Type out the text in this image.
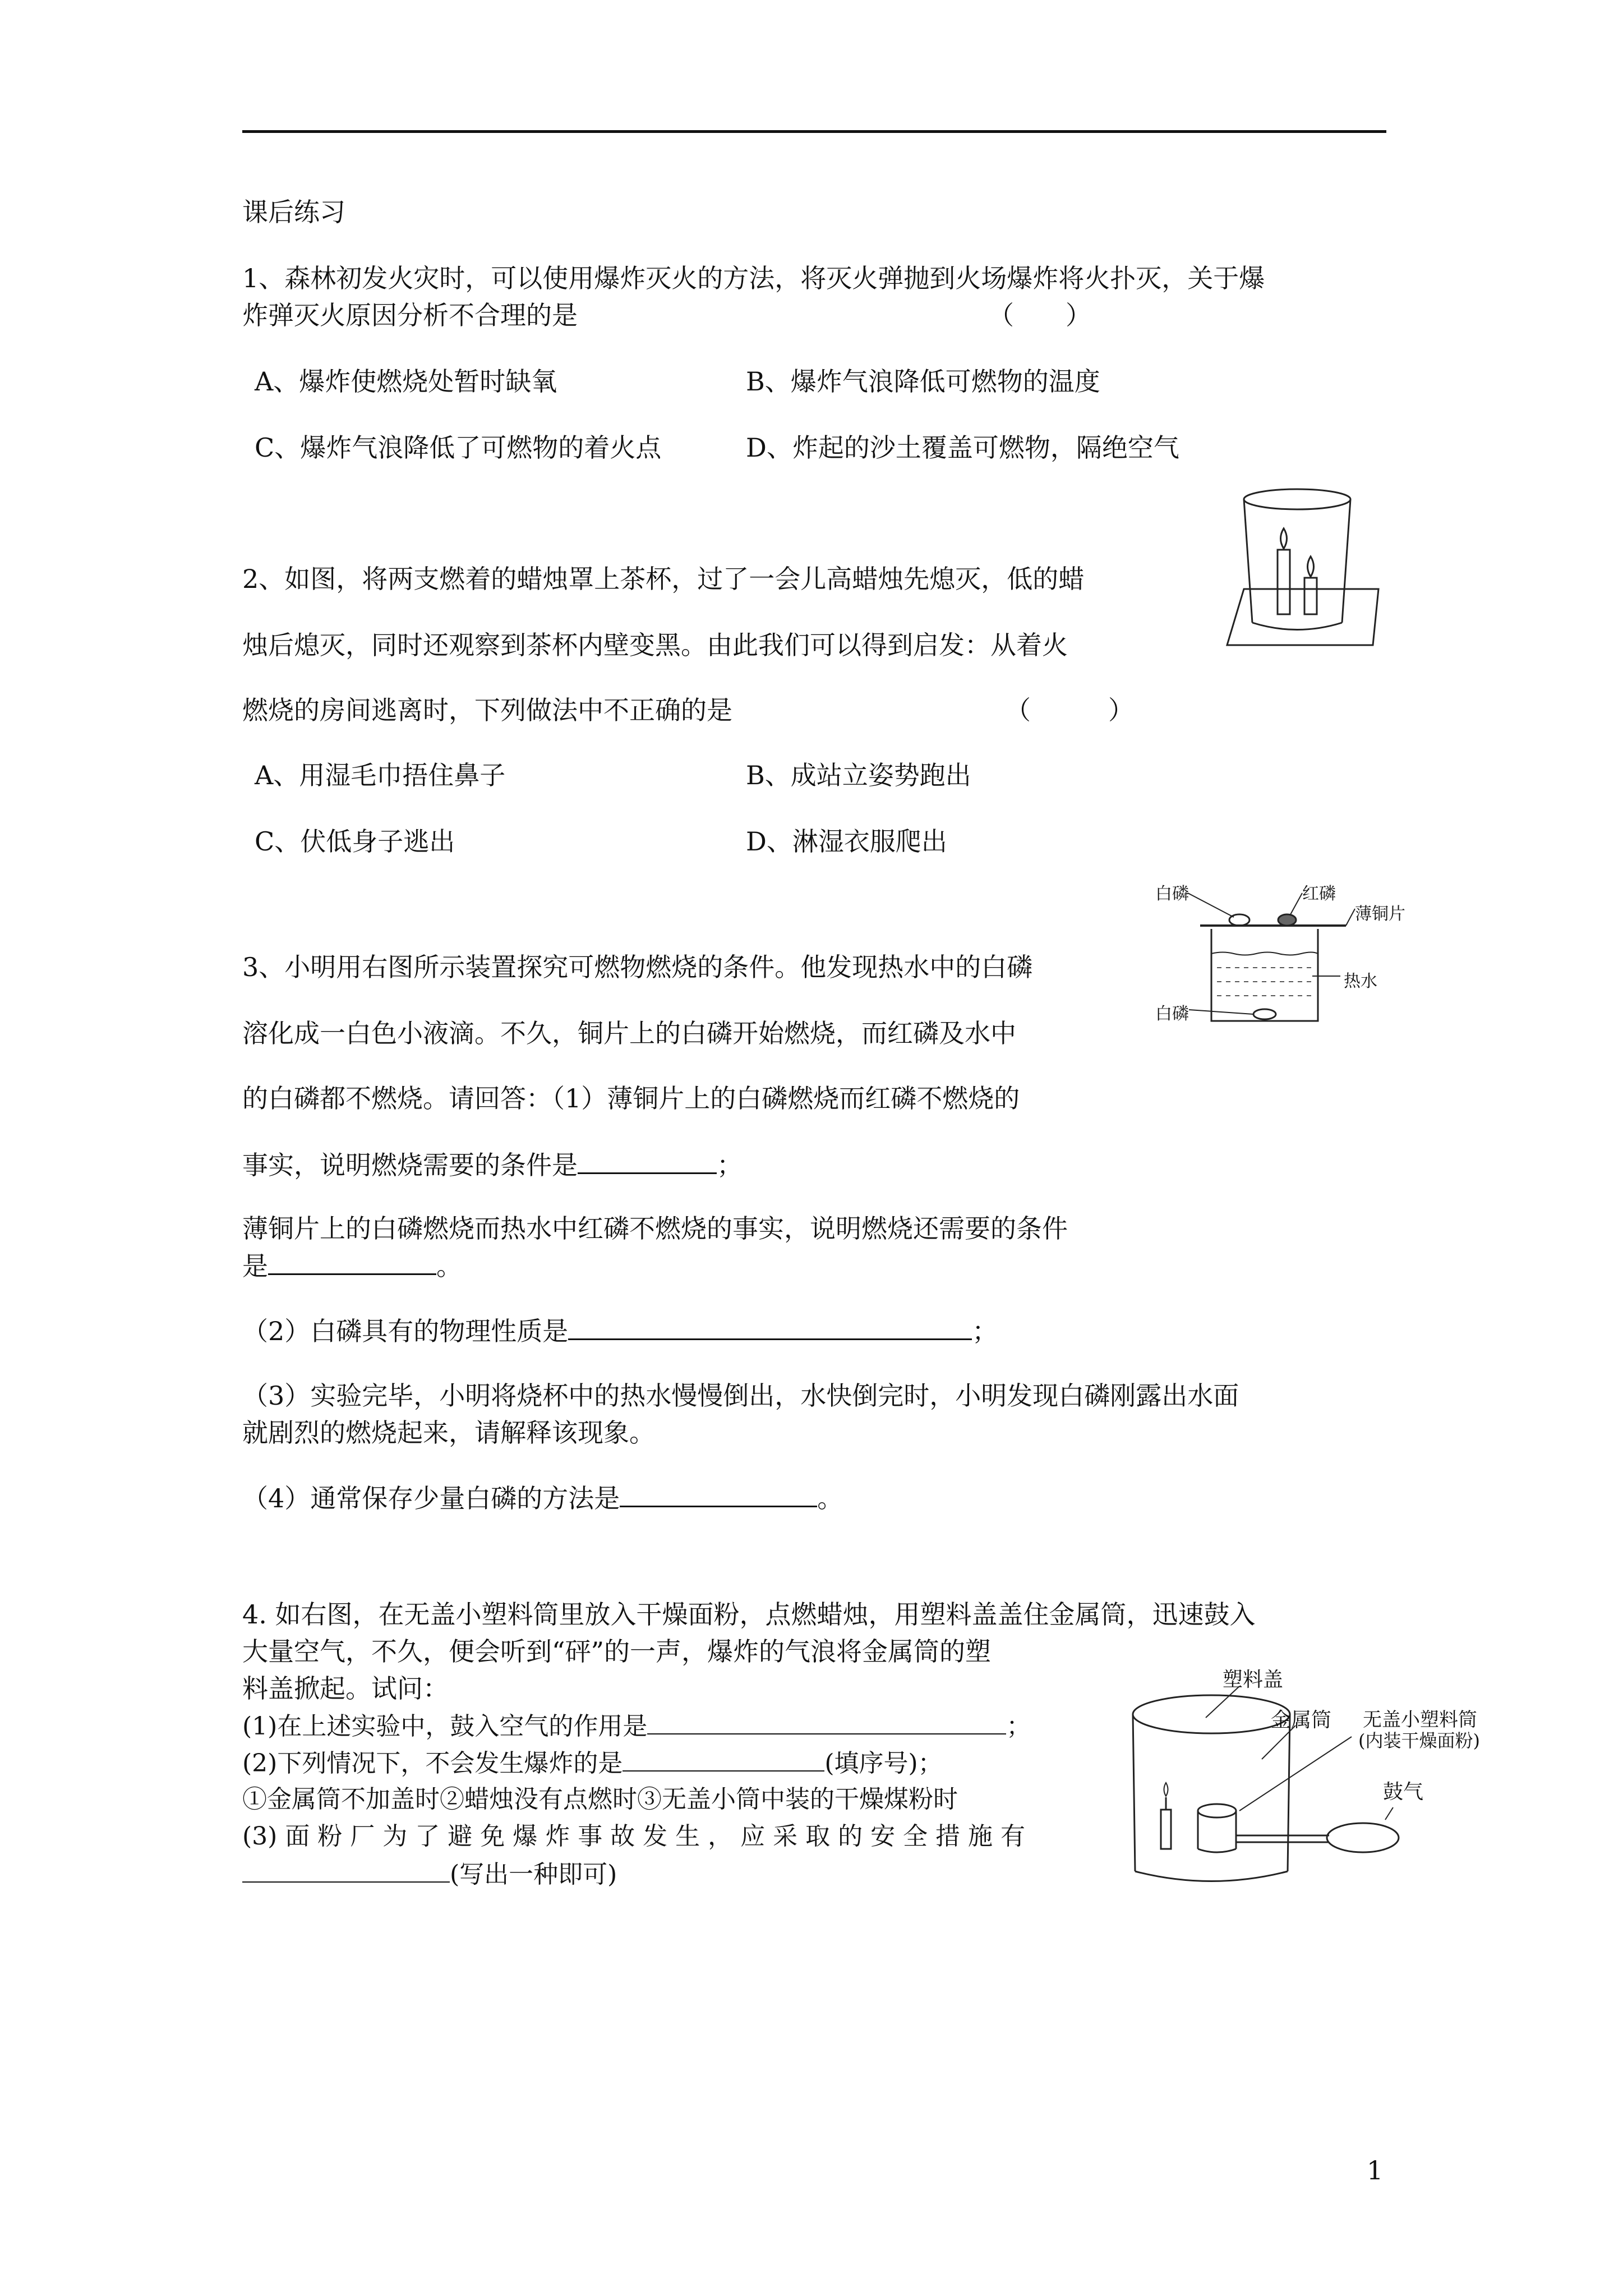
课后练习
1、森林初发火灾时，可以使用爆炸灭火的方法，将灭火弹抛到火场爆炸将火扑灭，关于爆
炸弹灭火原因分析不合理的是	（　　）
A、爆炸使燃烧处暂时缺氧	B、爆炸气浪降低可燃物的温度
C、爆炸气浪降低了可燃物的着火点	D、炸起的沙土覆盖可燃物，隔绝空气
2、如图，将两支燃着的蜡烛罩上茶杯，过了一会儿高蜡烛先熄灭，低的蜡
烛后熄灭，同时还观察到茶杯内壁变黑。由此我们可以得到启发：从着火
燃烧的房间逃离时，下列做法中不正确的是	（　　　）
A、用湿毛巾捂住鼻子	B、成站立姿势跑出
C、伏低身子逃出	D、淋湿衣服爬出
3、小明用右图所示装置探究可燃物燃烧的条件。他发现热水中的白磷
溶化成一白色小液滴。不久，铜片上的白磷开始燃烧，而红磷及水中
的白磷都不燃烧。请回答：（1）薄铜片上的白磷燃烧而红磷不燃烧的
事实，说明燃烧需要的条件是	；
薄铜片上的白磷燃烧而热水中红磷不燃烧的事实，说明燃烧还需要的条件
是	。
（2）白磷具有的物理性质是	；
（3）实验完毕，小明将烧杯中的热水慢慢倒出，水快倒完时，小明发现白磷刚露出水面
就剧烈的燃烧起来，请解释该现象。
（4）通常保存少量白磷的方法是	。
白磷	红磷
薄铜片
热水
白磷
4. 如右图，在无盖小塑料筒里放入干燥面粉，点燃蜡烛，用塑料盖盖住金属筒，迅速鼓入
大量空气，不久，便会听到“砰”的一声，爆炸的气浪将金属筒的塑
料盖掀起。试问：
(1)在上述实验中，鼓入空气的作用是	；
(2)下列情况下，不会发生爆炸的是	(填序号)；
①金属筒不加盖时②蜡烛没有点燃时③无盖小筒中装的干燥煤粉时
(3) 面 粉 厂 为 了 避 免 爆 炸 事 故 发 生 ， 应 采 取 的 安 全 措 施 有
(写出一种即可)
塑料盖
金属筒 无盖小塑料筒
(内装干燥面粉)
鼓气
1
